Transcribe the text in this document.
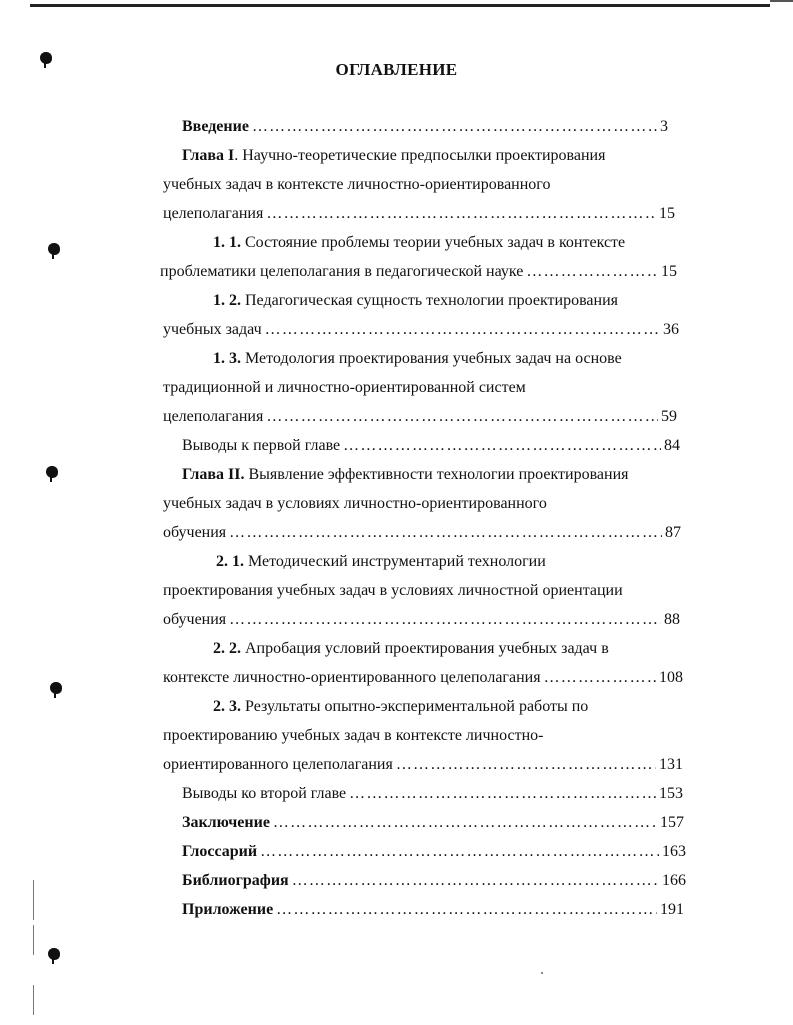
ОГЛАВЛЕНИЕ
Введение …………………………………………………………………………………………………………………………………………………	3
Глава I. Научно-теоретические предпосылки проектирования
учебных задач в контексте личностно-ориентированного
целеполагания …………………………………………………………………………………………………………………………………………………	15
1. 1. Состояние проблемы теории учебных задач в контексте
проблематики целеполагания в педагогической науке …………………………………………………………………………………………………………………………………………………	15
1. 2. Педагогическая сущность технологии проектирования
учебных задач …………………………………………………………………………………………………………………………………………………	36
1. 3. Методология проектирования учебных задач на основе
традиционной и личностно-ориентированной систем
целеполагания …………………………………………………………………………………………………………………………………………………	59
Выводы к первой главе …………………………………………………………………………………………………………………………………………………	84
Глава II. Выявление эффективности технологии проектирования
учебных задач в условиях личностно-ориентированного
обучения …………………………………………………………………………………………………………………………………………………	87
2. 1. Методический инструментарий технологии
проектирования учебных задач в условиях личностной ориентации
обучения …………………………………………………………………………………………………………………………………………………	88
2. 2. Апробация условий проектирования учебных задач в
контексте личностно-ориентированного целеполагания …………………………………………………………………………………………………………………………………………………	108
2. 3. Результаты опытно-экспериментальной работы по
проектированию учебных задач в контексте личностно-
ориентированного целеполагания …………………………………………………………………………………………………………………………………………………	131
Выводы ко второй главе …………………………………………………………………………………………………………………………………………………	153
Заключение …………………………………………………………………………………………………………………………………………………	157
Глоссарий …………………………………………………………………………………………………………………………………………………	163
Библиография …………………………………………………………………………………………………………………………………………………	166
Приложение …………………………………………………………………………………………………………………………………………………	191
